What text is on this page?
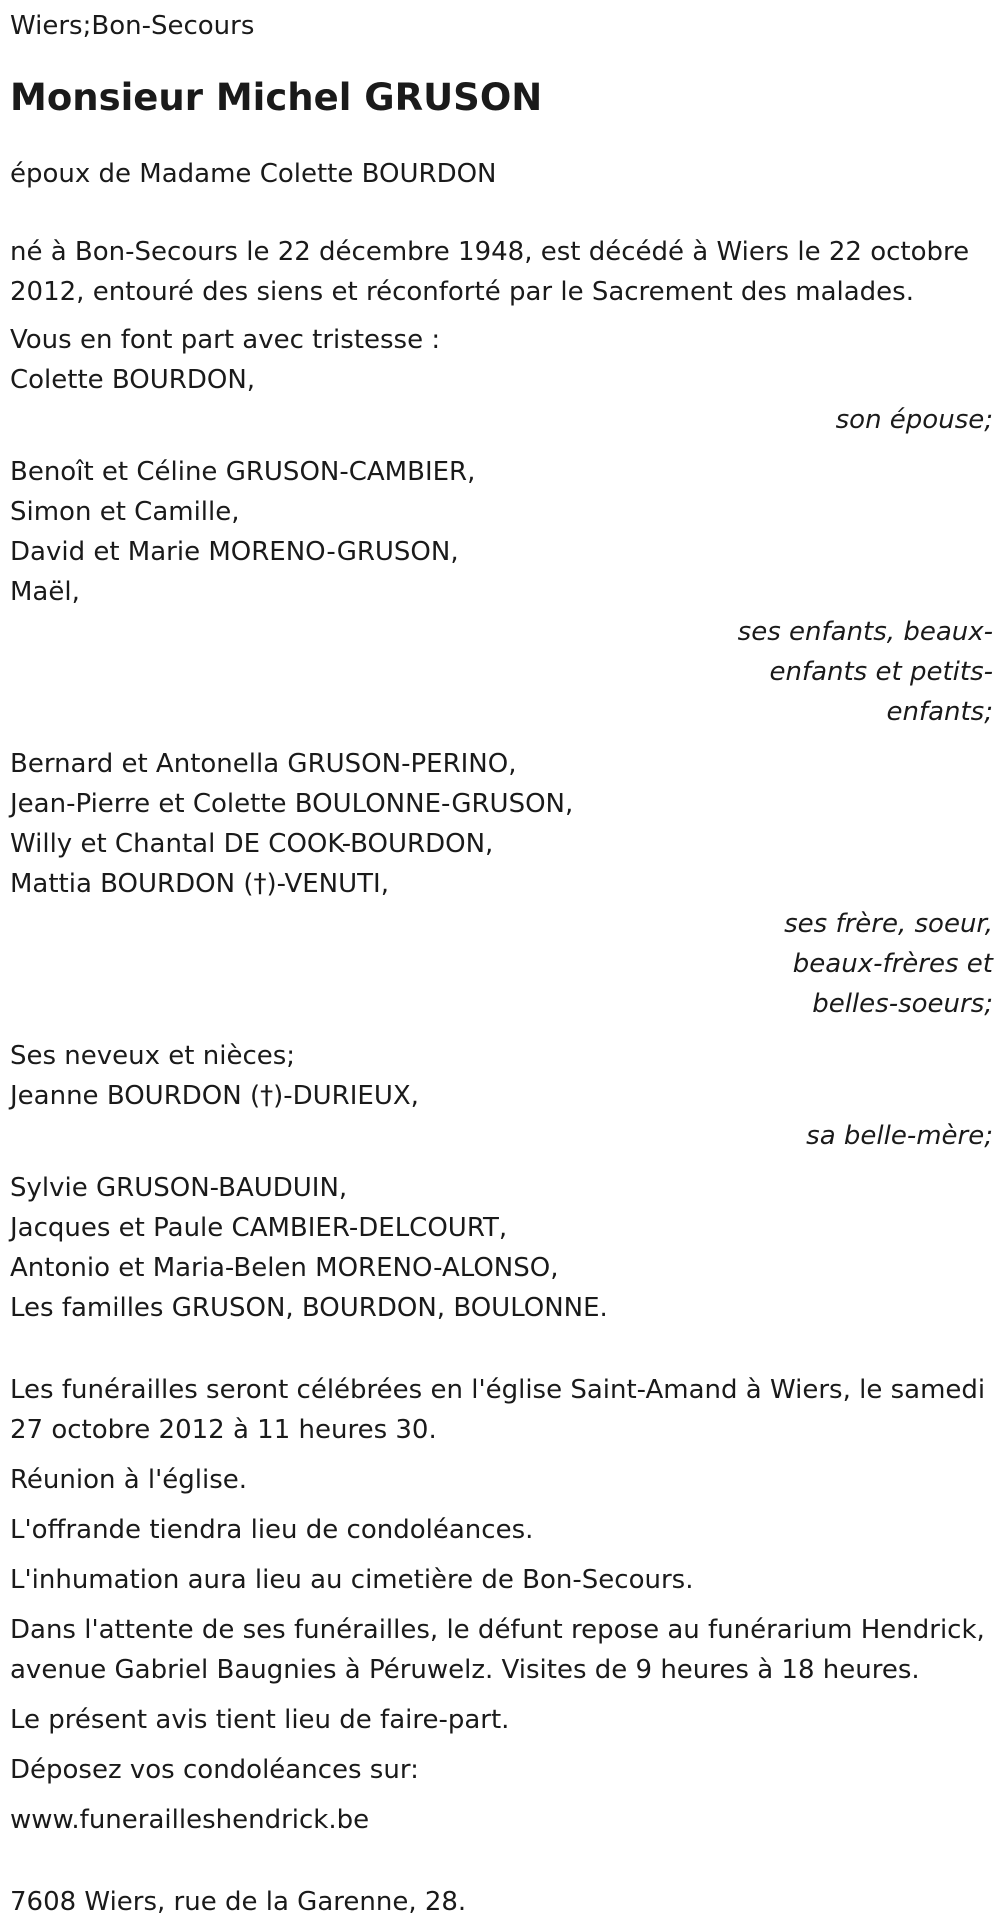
Wiers;Bon-Secours
Monsieur Michel GRUSON
époux de Madame Colette BOURDON
né à Bon-Secours le 22 décembre 1948, est décédé à Wiers le 22 octobre 2012, entouré des siens et réconforté par le Sacrement des malades.
Vous en font part avec tristesse :
Colette BOURDON,
son épouse;
Benoît et Céline GRUSON-CAMBIER,
Simon et Camille,
David et Marie MORENO-GRUSON,
Maël,
ses enfants, beaux-enfants et petits-enfants;
Bernard et Antonella GRUSON-PERINO,
Jean-Pierre et Colette BOULONNE-GRUSON,
Willy et Chantal DE COOK-BOURDON,
Mattia BOURDON (†)-VENUTI,
ses frère, soeur, beaux-frères et belles-soeurs;
Ses neveux et nièces;
Jeanne BOURDON (†)-DURIEUX,
sa belle-mère;
Sylvie GRUSON-BAUDUIN,
Jacques et Paule CAMBIER-DELCOURT,
Antonio et Maria-Belen MORENO-ALONSO,
Les familles GRUSON, BOURDON, BOULONNE.
Les funérailles seront célébrées en l'église Saint-Amand à Wiers, le samedi 27 octobre 2012 à 11 heures 30.
Réunion à l'église.
L'offrande tiendra lieu de condoléances.
L'inhumation aura lieu au cimetière de Bon-Secours.
Dans l'attente de ses funérailles, le défunt repose au funérarium Hendrick, avenue Gabriel Baugnies à Péruwelz. Visites de 9 heures à 18 heures.
Le présent avis tient lieu de faire-part.
Déposez vos condoléances sur:
www.funerailleshendrick.be
7608 Wiers, rue de la Garenne, 28.
